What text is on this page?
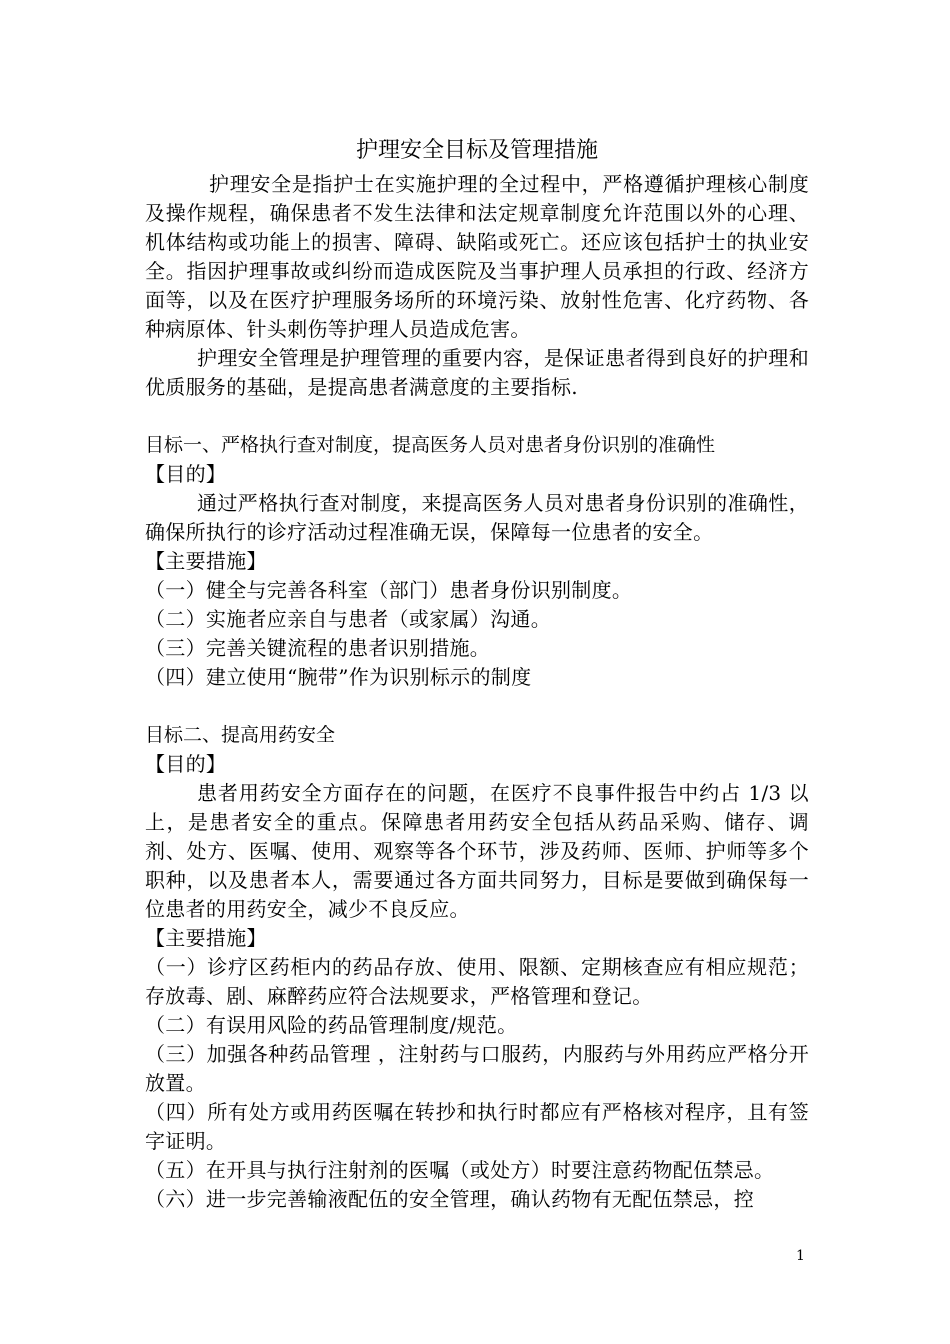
护理安全目标及管理措施

护理安全是指护士在实施护理的全过程中，严格遵循护理核心制度及操作规程，确保患者不发生法律和法定规章制度允许范围以外的心理、机体结构或功能上的损害、障碍、缺陷或死亡。还应该包括护士的执业安全。指因护理事故或纠纷而造成医院及当事护理人员承担的行政、经济方面等，以及在医疗护理服务场所的环境污染、放射性危害、化疗药物、各种病原体、针头刺伤等护理人员造成危害。

护理安全管理是护理管理的重要内容，是保证患者得到良好的护理和优质服务的基础，是提高患者满意度的主要指标.

目标一、严格执行查对制度，提高医务人员对患者身份识别的准确性

【目的】

通过严格执行查对制度，来提高医务人员对患者身份识别的准确性，确保所执行的诊疗活动过程准确无误，保障每一位患者的安全。

【主要措施】

（一）健全与完善各科室（部门）患者身份识别制度。

（二）实施者应亲自与患者（或家属）沟通。

（三）完善关键流程的患者识别措施。

（四）建立使用“腕带”作为识别标示的制度

目标二、提高用药安全

【目的】

患者用药安全方面存在的问题，在医疗不良事件报告中约占 1/3 以上，是患者安全的重点。保障患者用药安全包括从药品采购、储存、调剂、处方、医嘱、使用、观察等各个环节，涉及药师、医师、护师等多个职种，以及患者本人，需要通过各方面共同努力，目标是要做到确保每一位患者的用药安全，减少不良反应。

【主要措施】

（一）诊疗区药柜内的药品存放、使用、限额、定期核查应有相应规范；存放毒、剧、麻醉药应符合法规要求，严格管理和登记。

（二）有误用风险的药品管理制度/规范。

（三）加强各种药品管理 ，注射药与口服药，内服药与外用药应严格分开放置。

（四）所有处方或用药医嘱在转抄和执行时都应有严格核对程序，且有签字证明。

（五）在开具与执行注射剂的医嘱（或处方）时要注意药物配伍禁忌。

（六）进一步完善输液配伍的安全管理，确认药物有无配伍禁忌，控

1
